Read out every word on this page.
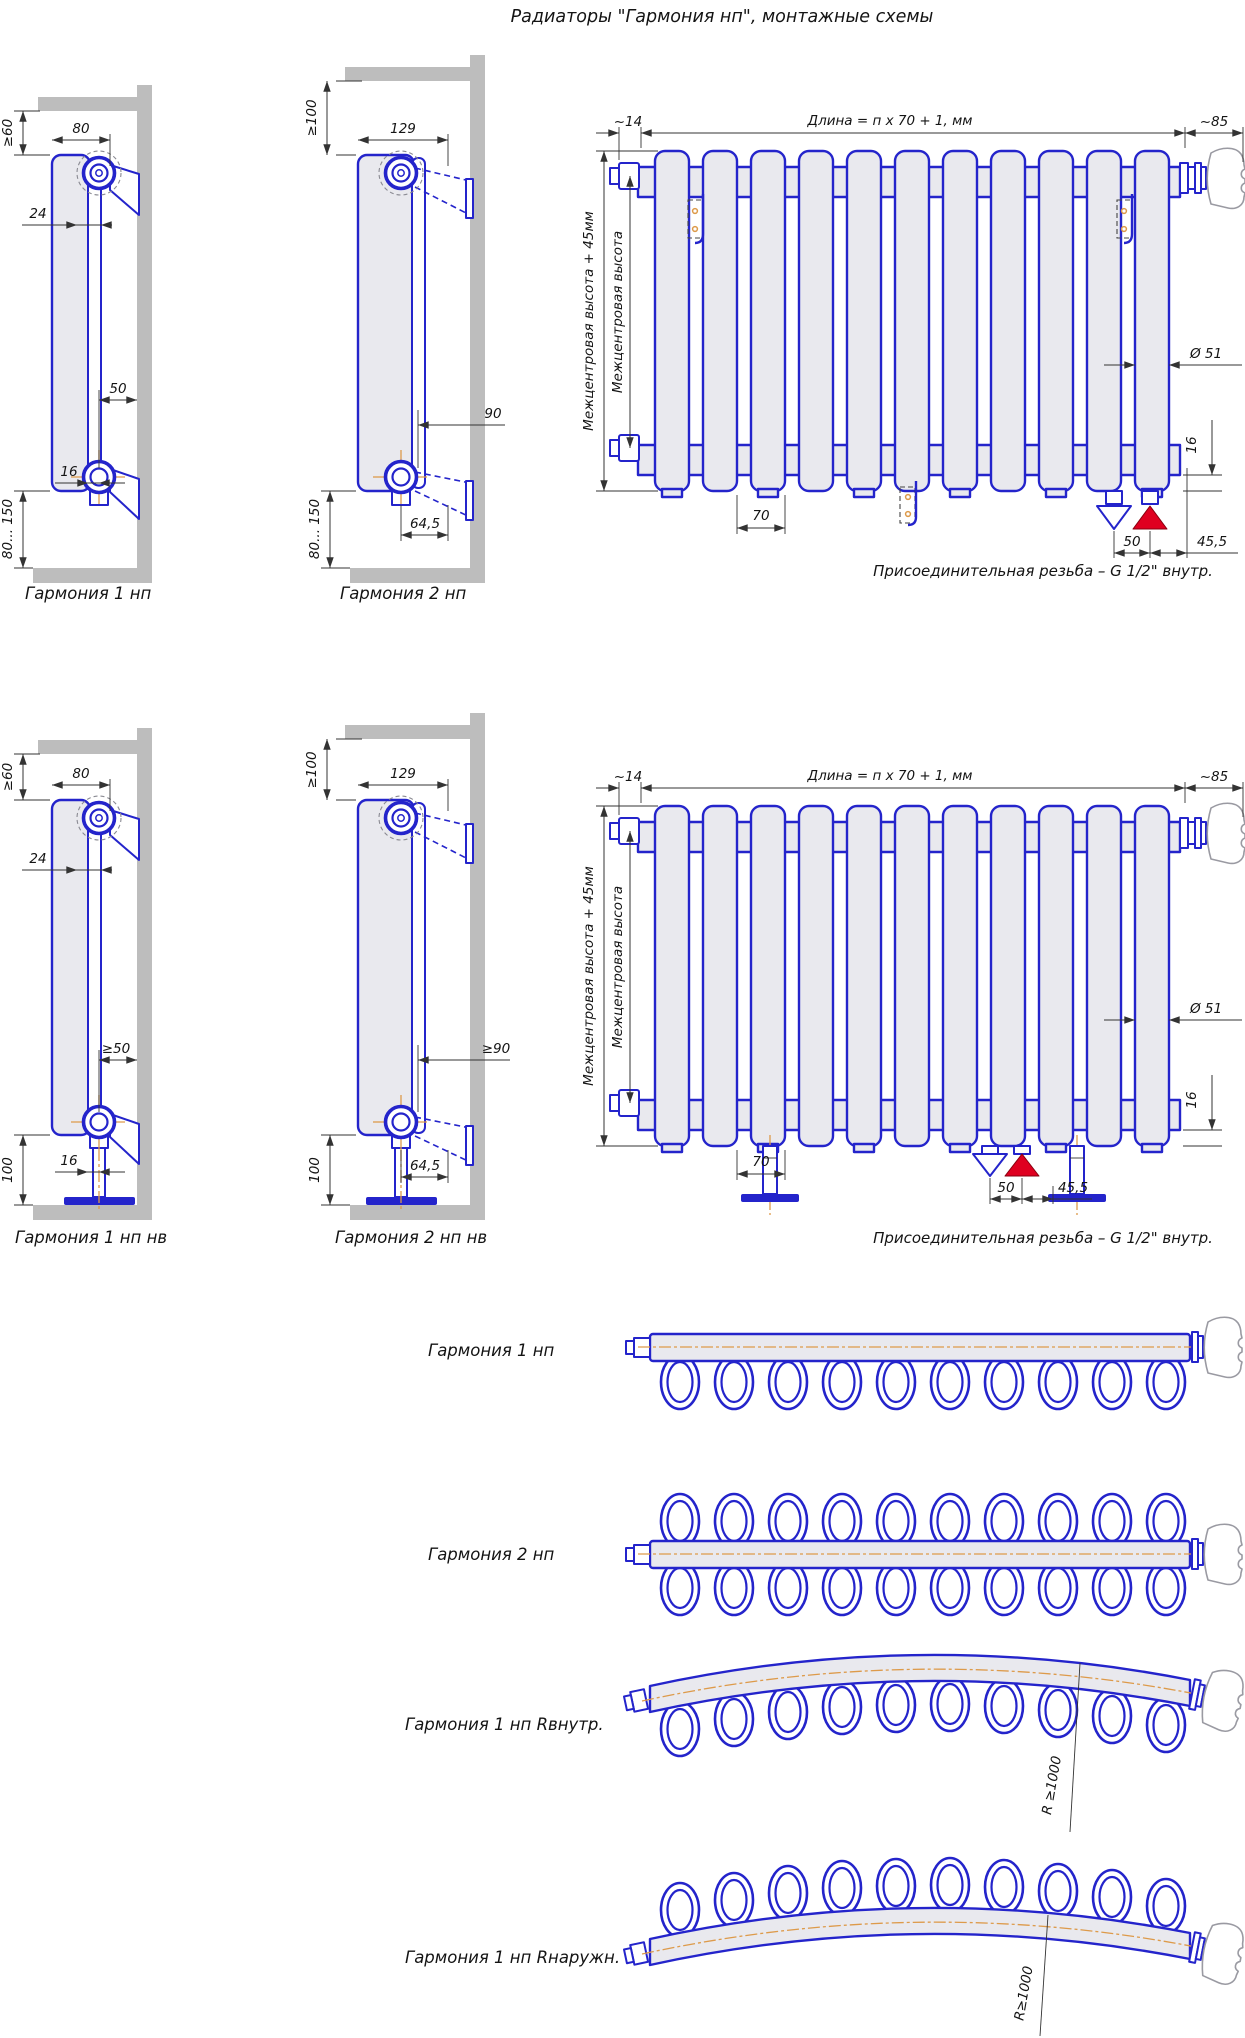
Радиаторы "Гармония нп", монтажные схемы
≥60	80
24
50
16
80... 150
Гармония 1 нп
≥100	129
90
64,5
80... 150
Гармония 2 нп
~14	Длина = п x 70 + 1, мм	~85
Межцентровая высота + 45мм Межцентровая высота	Ø 51
16
70
50	45,5
Присоединительная резьба – G 1/2" внутр.
≥60	80
24
≥50
16
100
Гармония 1 нп нв
≥100	129
≥90
64,5
100
Гармония 2 нп нв
~14	Длина = п x 70 + 1, мм	~85
Межцентровая высота + 45мм Межцентровая высота	Ø 51
16
70
50	45,5
Присоединительная резьба – G 1/2" внутр.
Гармония 1 нп
Гармония 2 нп
R ≥1000
Гармония 1 нп Rвнутр.
R≥1000
Гармония 1 нп Rнаружн.
